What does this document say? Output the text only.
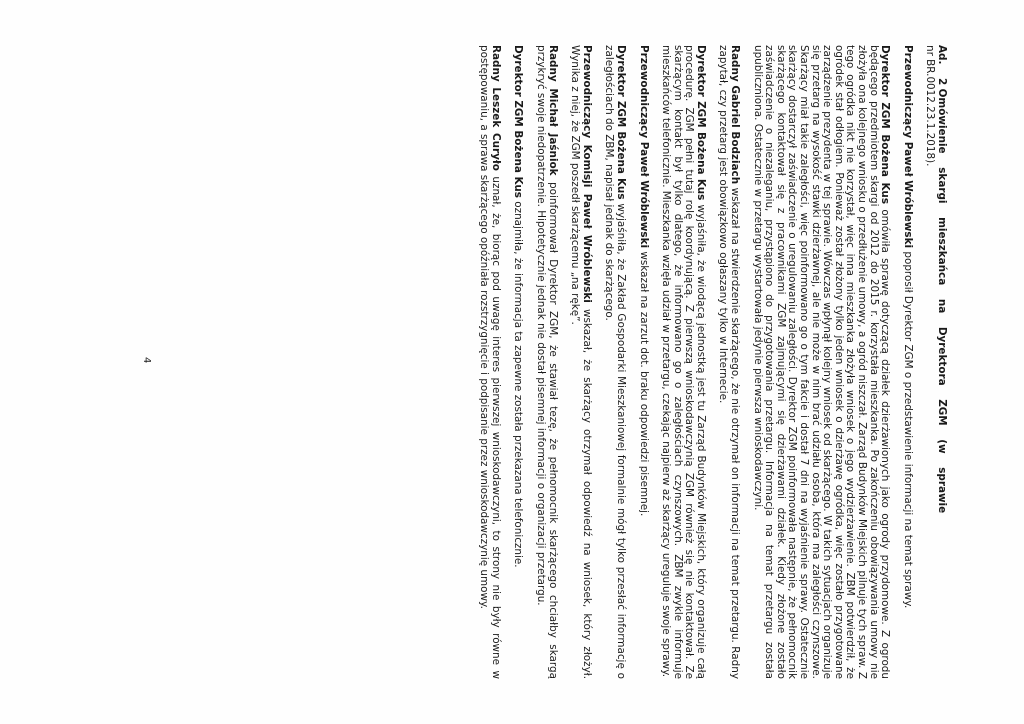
Ad. 2 Omówienie skargi mieszkańca na Dyrektora ZGM (w sprawie
nr BR.0012.23.1.2018).

Przewodniczący Paweł Wróblewski poprosił Dyrektor ZGM o przedstawienie informacji na temat sprawy.

Dyrektor ZGM Bożena Kus omówiła sprawę dotyczącą działek dzierżawionych jako ogrody przydomowe. Z ogrodu będącego przedmiotem skargi od 2012 do 2015 r. korzystała mieszkanka. Po zakończeniu obowiązywania umowy nie złożyła ona kolejnego wniosku o przedłużenie umowy, a ogród niszczał. Zarząd Budynków Miejskich pilnuje tych spraw. Z tego ogródka nikt nie korzystał, więc inna mieszkanka złożyła wniosek o jego wydzierżawienie. ZBM potwierdził, że ogródek stał odłogiem. Ponieważ został złożony tylko jeden wniosek o dzierżawę ogródka, więc zostało przygotowane zarządzenie prezydenta w tej sprawie. Wówczas wpłynął kolejny wniosek od skarżącego. W takich sytuacjach organizuje się przetarg na wysokość stawki dzierżawnej, ale nie może w nim brać udziału osoba, która ma zaległości czynszowe. Skarżący miał takie zaległości, więc poinformowano go o tym fakcie i dostał 7 dni na wyjaśnienie sprawy. Ostatecznie skarżący dostarczył zaświadczenie o uregulowaniu zaległości. Dyrektor ZGM poinformowała następnie, że pełnomocnik skarżącego kontaktował się z pracownikami ZGM zajmującymi się dzierżawami działek. Kiedy złożone zostało zaświadczenie o niezaleganiu, przystąpiono do przygotowania przetargu. Informacja na temat przetargu została upubliczniona. Ostatecznie w przetargu wystartowała jedynie pierwsza wnioskodawczyni.

Radny Gabriel Bodziach wskazał na stwierdzenie skarżącego, że nie otrzymał on informacji na temat przetargu. Radny zapytał, czy przetarg jest obowiązkowo ogłaszany tylko w Internecie.

Dyrektor ZGM Bożena Kus wyjaśniła, że wiodącą jednostką jest tu Zarząd Budynków Miejskich, który organizuje całą procedurę. ZGM pełni tutaj rolę koordynującą. Z pierwszą wnioskodawczynią ZGM również się nie kontaktował. Ze skarżącym kontakt był tylko dlatego, że informowano go o zaległościach czynszowych. ZBM zwykle informuje mieszkańców telefonicznie. Mieszkanka wzięła udział w przetargu, czekając najpierw aż skarżący ureguluje swoje sprawy.

Przewodniczący Paweł Wróblewski wskazał na zarzut dot. braku odpowiedzi pisemnej.

Dyrektor ZGM Bożena Kus wyjaśniła, że Zakład Gospodarki Mieszkaniowej formalnie mógł tylko przesłać informację o zaległościach do ZBM, napisał jednak do skarżącego.

Przewodniczący Komisji Paweł Wróblewski wskazał, że skarżący otrzymał odpowiedź na wniosek, który złożył. Wynika z niej, że ZGM poszedł skarżącemu „na rękę”.

Radny Michał Jaśniok poinformował Dyrektor ZGM, że stawiał tezę, że pełnomocnik skarżącego chciałby skargą przykryć swoje niedopatrzenie. Hipotetycznie jednak nie dostał pisemnej informacji o organizacji przetargu.

Dyrektor ZGM Bożena Kus oznajmiła, że informacja ta zapewne została przekazana telefonicznie.

Radny Leszek Curyło uznał, że, biorąc pod uwagę interes pierwszej wnioskodawczyni, to strony nie były równe w postępowaniu, a sprawa skarżącego opóźniała rozstrzygnięcie i podpisanie przez wnioskodawczynię umowy.

4
